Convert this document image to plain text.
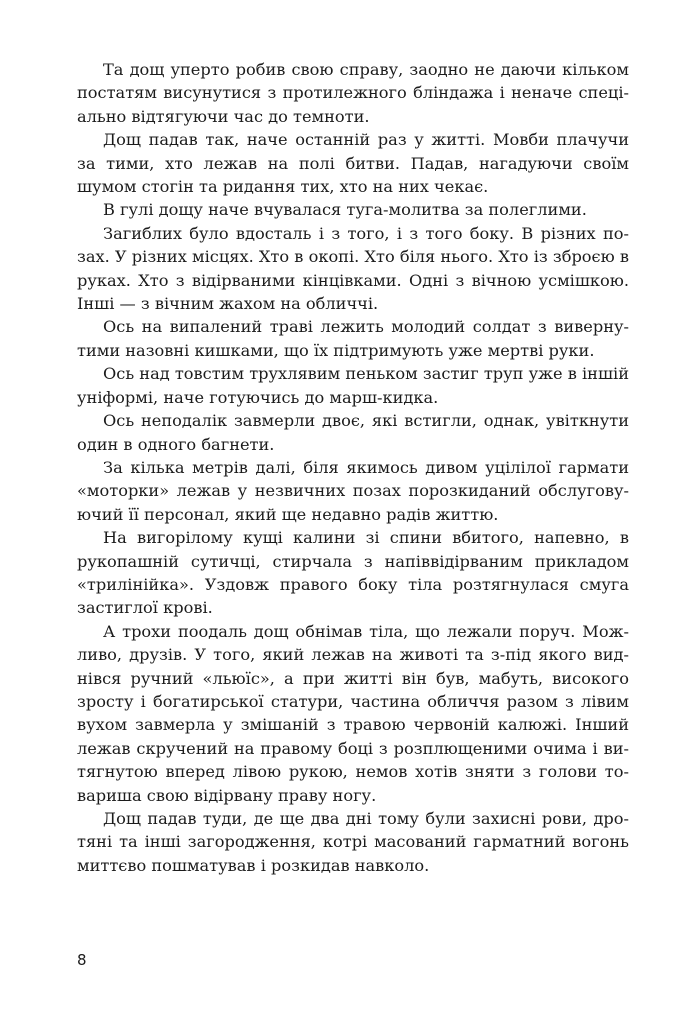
Та дощ уперто робив свою справу, заодно не даючи кільком постатям висунутися з протилежного бліндажа і неначе спеціально відтягуючи час до темноти.

Дощ падав так, наче останній раз у житті. Мовби плачучи за тими, хто лежав на полі битви. Падав, нагадуючи своїм шумом стогін та ридання тих, хто на них чекає.

В гулі дощу наче вчувалася туга-молитва за полеглими.

Загиблих було вдосталь і з того, і з того боку. В різних позах. У різних місцях. Хто в окопі. Хто біля нього. Хто із зброєю в руках. Хто з відірваними кінцівками. Одні з вічною усмішкою. Інші — з вічним жахом на обличчі.

Ось на випалений траві лежить молодий солдат з вивернутими назовні кишками, що їх підтримують уже мертві руки.

Ось над товстим трухлявим пеньком застиг труп уже в іншій уніформі, наче готуючись до марш-кидка.

Ось неподалік завмерли двоє, які встигли, однак, увіткнути один в одного багнети.

За кілька метрів далі, біля якимось дивом уцілілої гармати «моторки» лежав у незвичних позах порозкиданий обслуговуючий її персонал, який ще недавно радів життю.

На вигорілому кущі калини зі спини вбитого, напевно, в рукопашній сутичці, стирчала з напіввідірваним прикладом «трилінійка». Уздовж правого боку тіла розтягнулася смуга застиглої крові.

А трохи поодаль дощ обнімав тіла, що лежали поруч. Можливо, друзів. У того, який лежав на животі та з-під якого виднівся ручний «льюїс», а при житті він був, мабуть, високого зросту і богатирської статури, частина обличчя разом з лівим вухом завмерла у змішаній з травою червоній калюжі. Інший лежав скручений на правому боці з розплющеними очима і витягнутою вперед лівою рукою, немов хотів зняти з голови товариша свою відірвану праву ногу.

Дощ падав туди, де ще два дні тому були захисні рови, дротяні та інші загородження, котрі масований гарматний вогонь миттєво пошматував і розкидав навколо.

8
